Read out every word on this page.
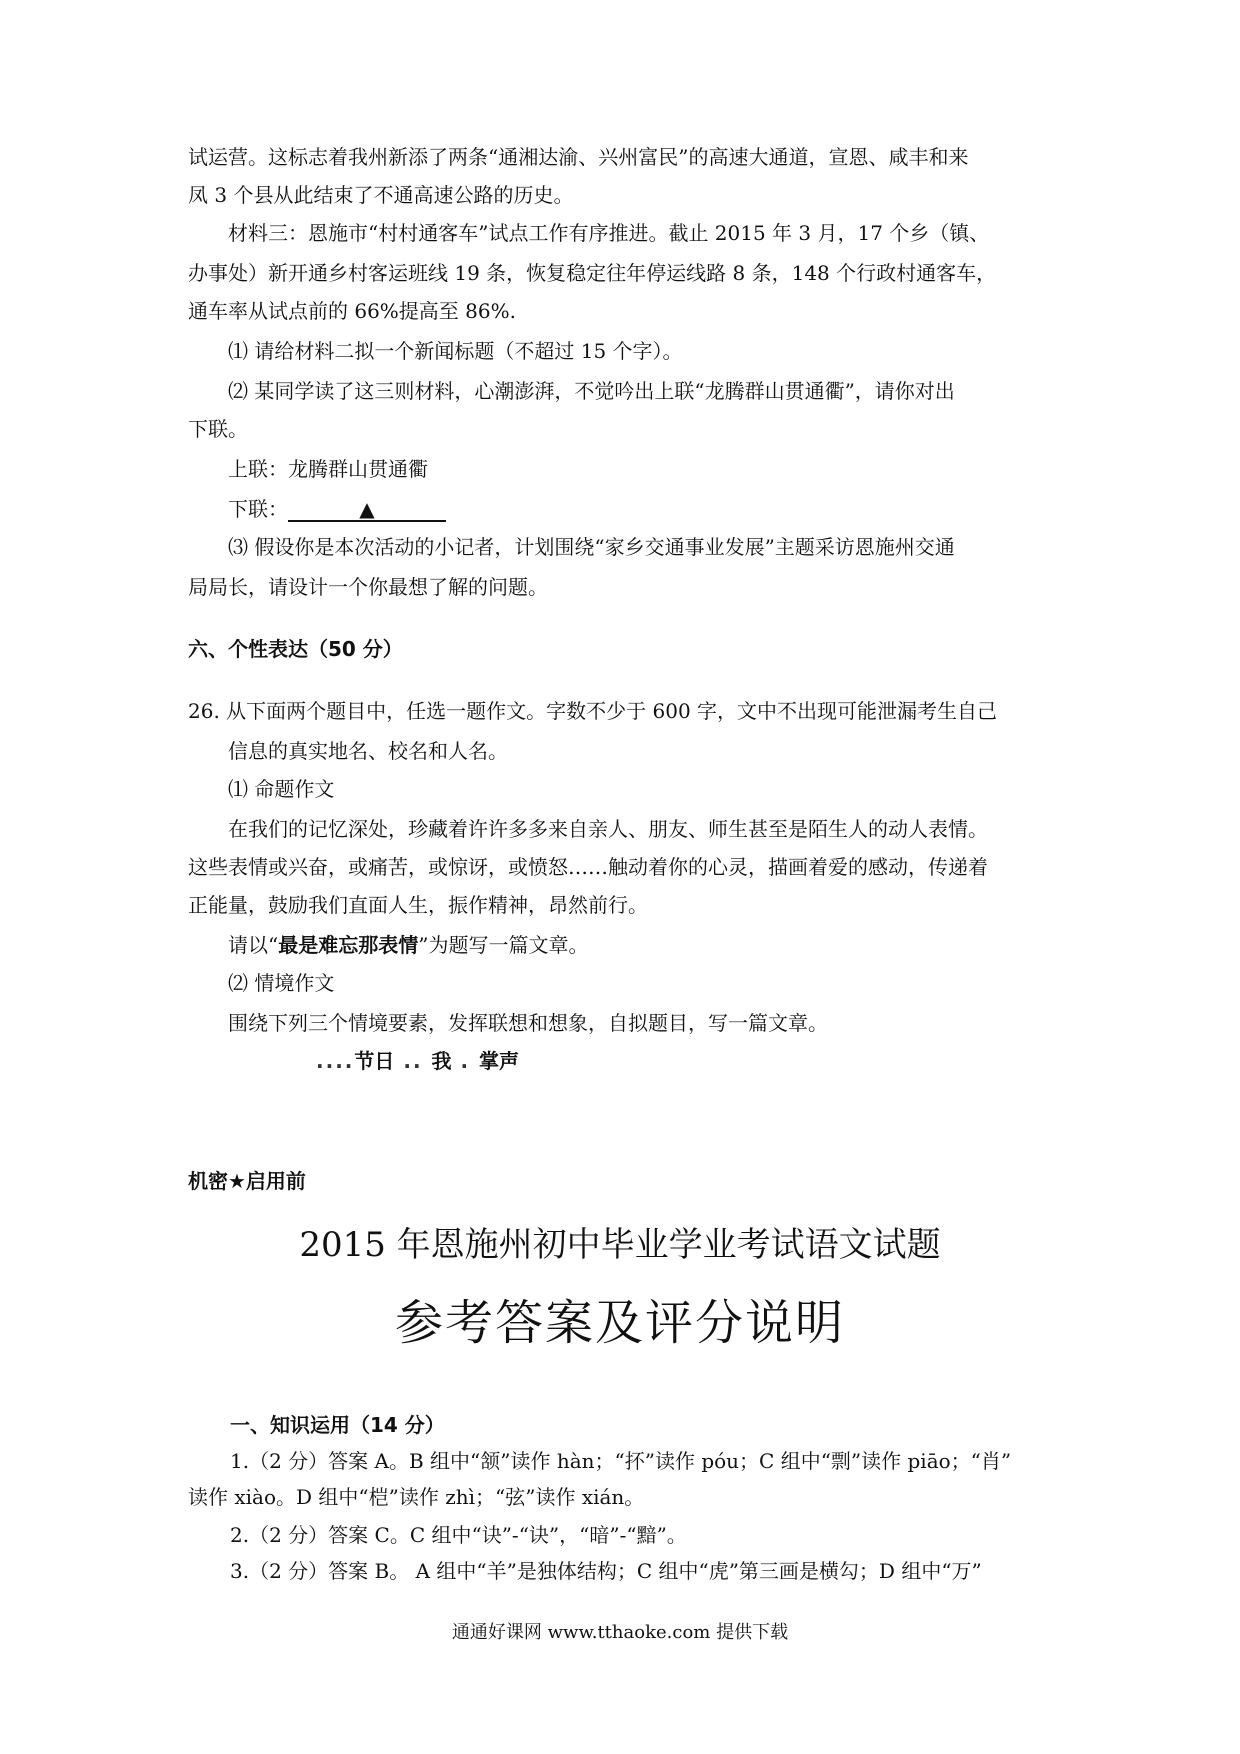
试运营。这标志着我州新添了两条“通湘达渝、兴州富民”的高速大通道，宣恩、咸丰和来
凤 3 个县从此结束了不通高速公路的历史。
材料三：恩施市“村村通客车”试点工作有序推进。截止 2015 年 3 月，17 个乡（镇、
办事处）新开通乡村客运班线 19 条，恢复稳定往年停运线路 8 条，148 个行政村通客车，
通车率从试点前的 66%提高至 86%.
⑴ 请给材料二拟一个新闻标题（不超过 15 个字）。
⑵ 某同学读了这三则材料，心潮澎湃，不觉吟出上联“龙腾群山贯通衢”，请你对出
下联。
上联：龙腾群山贯通衢
下联：	▲
⑶ 假设你是本次活动的小记者，计划围绕“家乡交通事业发展”主题采访恩施州交通
局局长，请设计一个你最想了解的问题。
六、个性表达（50 分）
26. 从下面两个题目中，任选一题作文。字数不少于 600 字，文中不出现可能泄漏考生自己
信息的真实地名、校名和人名。
⑴ 命题作文
在我们的记忆深处，珍藏着许许多多来自亲人、朋友、师生甚至是陌生人的动人表情。
这些表情或兴奋，或痛苦，或惊讶，或愤怒……触动着你的心灵，描画着爱的感动，传递着
正能量，鼓励我们直面人生，振作精神，昂然前行。
请以“最是难忘那表情”为题写一篇文章。
⑵ 情境作文
围绕下列三个情境要素，发挥联想和想象，自拟题目，写一篇文章。
....节日 .. 我 . 掌声
机密★启用前
2015 年恩施州初中毕业学业考试语文试题
参考答案及评分说明
一、知识运用（14 分）
1.（2 分）答案 A。B 组中“颔”读作 hàn；“抔”读作 póu；C 组中“剽”读作 piāo；“肖”
读作 xiào。D 组中“桤”读作 zhì；“弦”读作 xián。
2.（2 分）答案 C。C 组中“诀”-“诀”，“暗”-“黯”。
3.（2 分）答案 B。 A 组中“羊”是独体结构；C 组中“虎”第三画是横勾；D 组中“万”
通通好课网 www.tthaoke.com 提供下载
